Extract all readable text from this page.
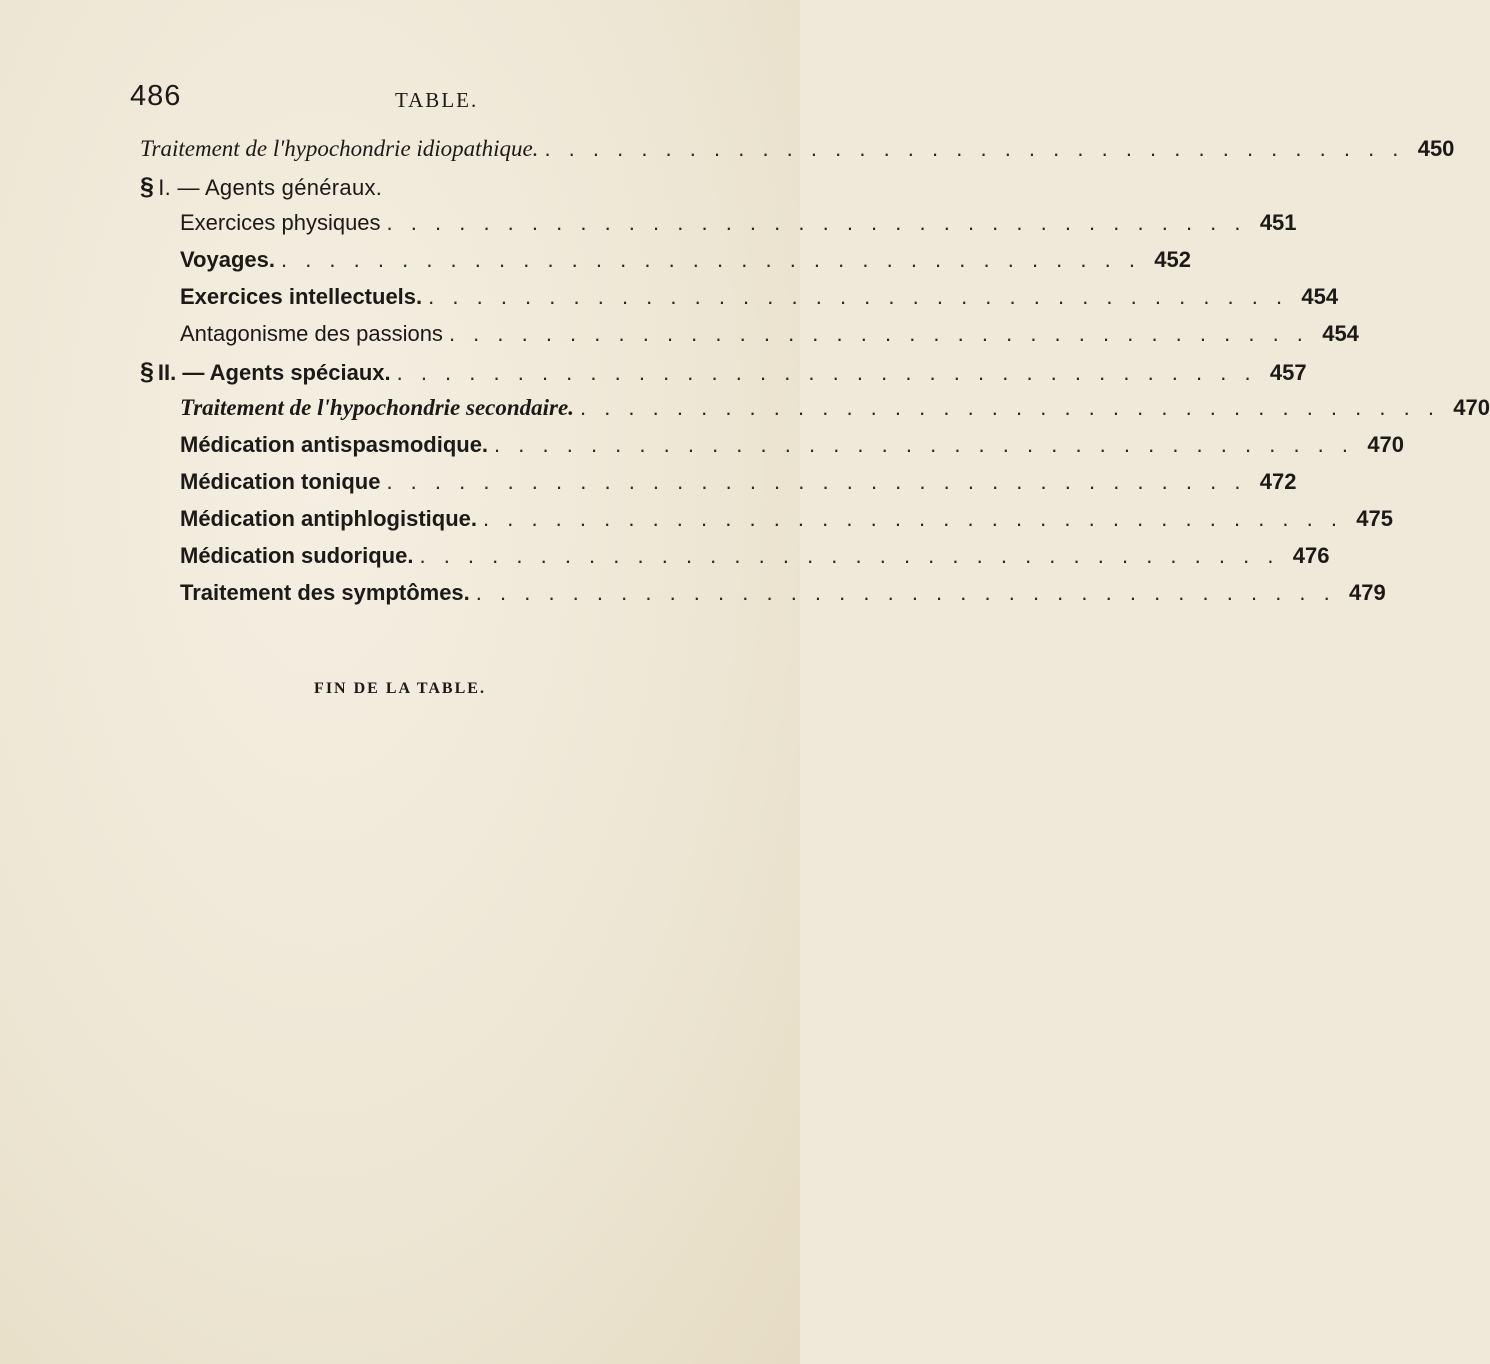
486	TABLE.
Traitement de l'hypochondrie idiopathique. . . . . . . . . . . . . . . . . . . . . . . . . . . . . . . . . . . . . 450
§ I. — Agents généraux.
Exercices physiques . . . . . . . . . . . . . . . . . . . . . . . . . . . . . . . . . . . . 451
Voyages. . . . . . . . . . . . . . . . . . . . . . . . . . . . . . . . . . . . . 452
Exercices intellectuels. . . . . . . . . . . . . . . . . . . . . . . . . . . . . . . . . . . . . 454
Antagonisme des passions . . . . . . . . . . . . . . . . . . . . . . . . . . . . . . . . . . . . 454
§ II. — Agents spéciaux. . . . . . . . . . . . . . . . . . . . . . . . . . . . . . . . . . . . . 457
Traitement de l'hypochondrie secondaire. . . . . . . . . . . . . . . . . . . . . . . . . . . . . . . . . . . . . 470
Médication antispasmodique. . . . . . . . . . . . . . . . . . . . . . . . . . . . . . . . . . . . . 470
Médication tonique . . . . . . . . . . . . . . . . . . . . . . . . . . . . . . . . . . . . 472
Médication antiphlogistique. . . . . . . . . . . . . . . . . . . . . . . . . . . . . . . . . . . . . 475
Médication sudorique. . . . . . . . . . . . . . . . . . . . . . . . . . . . . . . . . . . . . 476
Traitement des symptômes. . . . . . . . . . . . . . . . . . . . . . . . . . . . . . . . . . . . . 479
FIN DE LA TABLE.
